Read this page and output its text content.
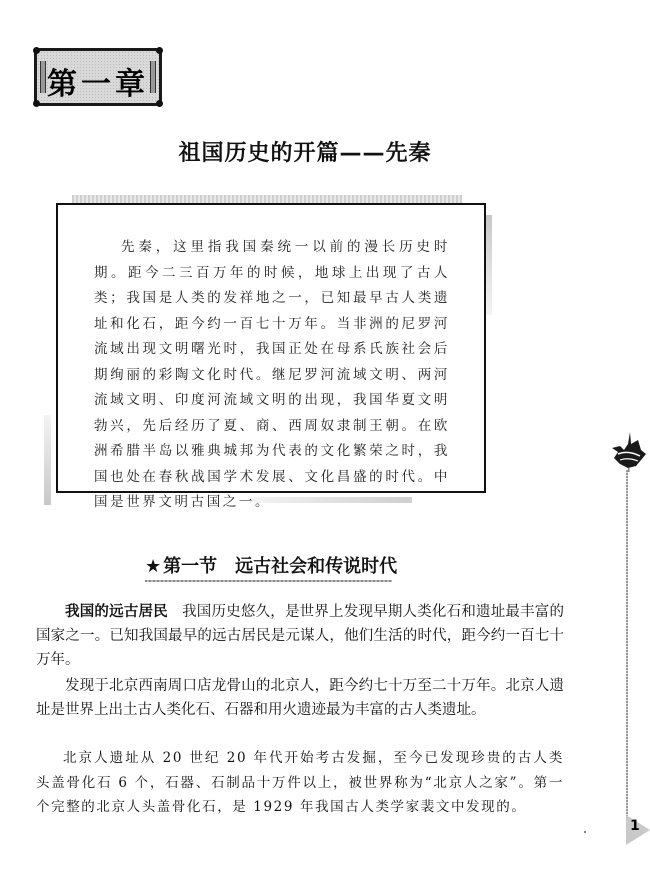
第一章
祖国历史的开篇——先秦

先秦，这里指我国秦统一以前的漫长历史时期。距今二三百万年的时候，地球上出现了古人类；我国是人类的发祥地之一，已知最早古人类遗址和化石，距今约一百七十万年。当非洲的尼罗河流域出现文明曙光时，我国正处在母系氏族社会后期绚丽的彩陶文化时代。继尼罗河流域文明、两河流域文明、印度河流域文明的出现，我国华夏文明勃兴，先后经历了夏、商、西周奴隶制王朝。在欧洲希腊半岛以雅典城邦为代表的文化繁荣之时，我国也处在春秋战国学术发展、文化昌盛的时代。中国是世界文明古国之一。

★ 第一节 远古社会和传说时代

我国的远古居民 我国历史悠久，是世界上发现早期人类化石和遗址最丰富的国家之一。已知我国最早的远古居民是元谋人，他们生活的时代，距今约一百七十万年。

发现于北京西南周口店龙骨山的北京人，距今约七十万至二十万年。北京人遗址是世界上出土古人类化石、石器和用火遗迹最为丰富的古人类遗址。

北京人遗址从 20 世纪 20 年代开始考古发掘，至今已发现珍贵的古人类头盖骨化石 6 个，石器、石制品十万件以上，被世界称为“北京人之家”。第一个完整的北京人头盖骨化石，是 1929 年我国古人类学家裴文中发现的。

1
